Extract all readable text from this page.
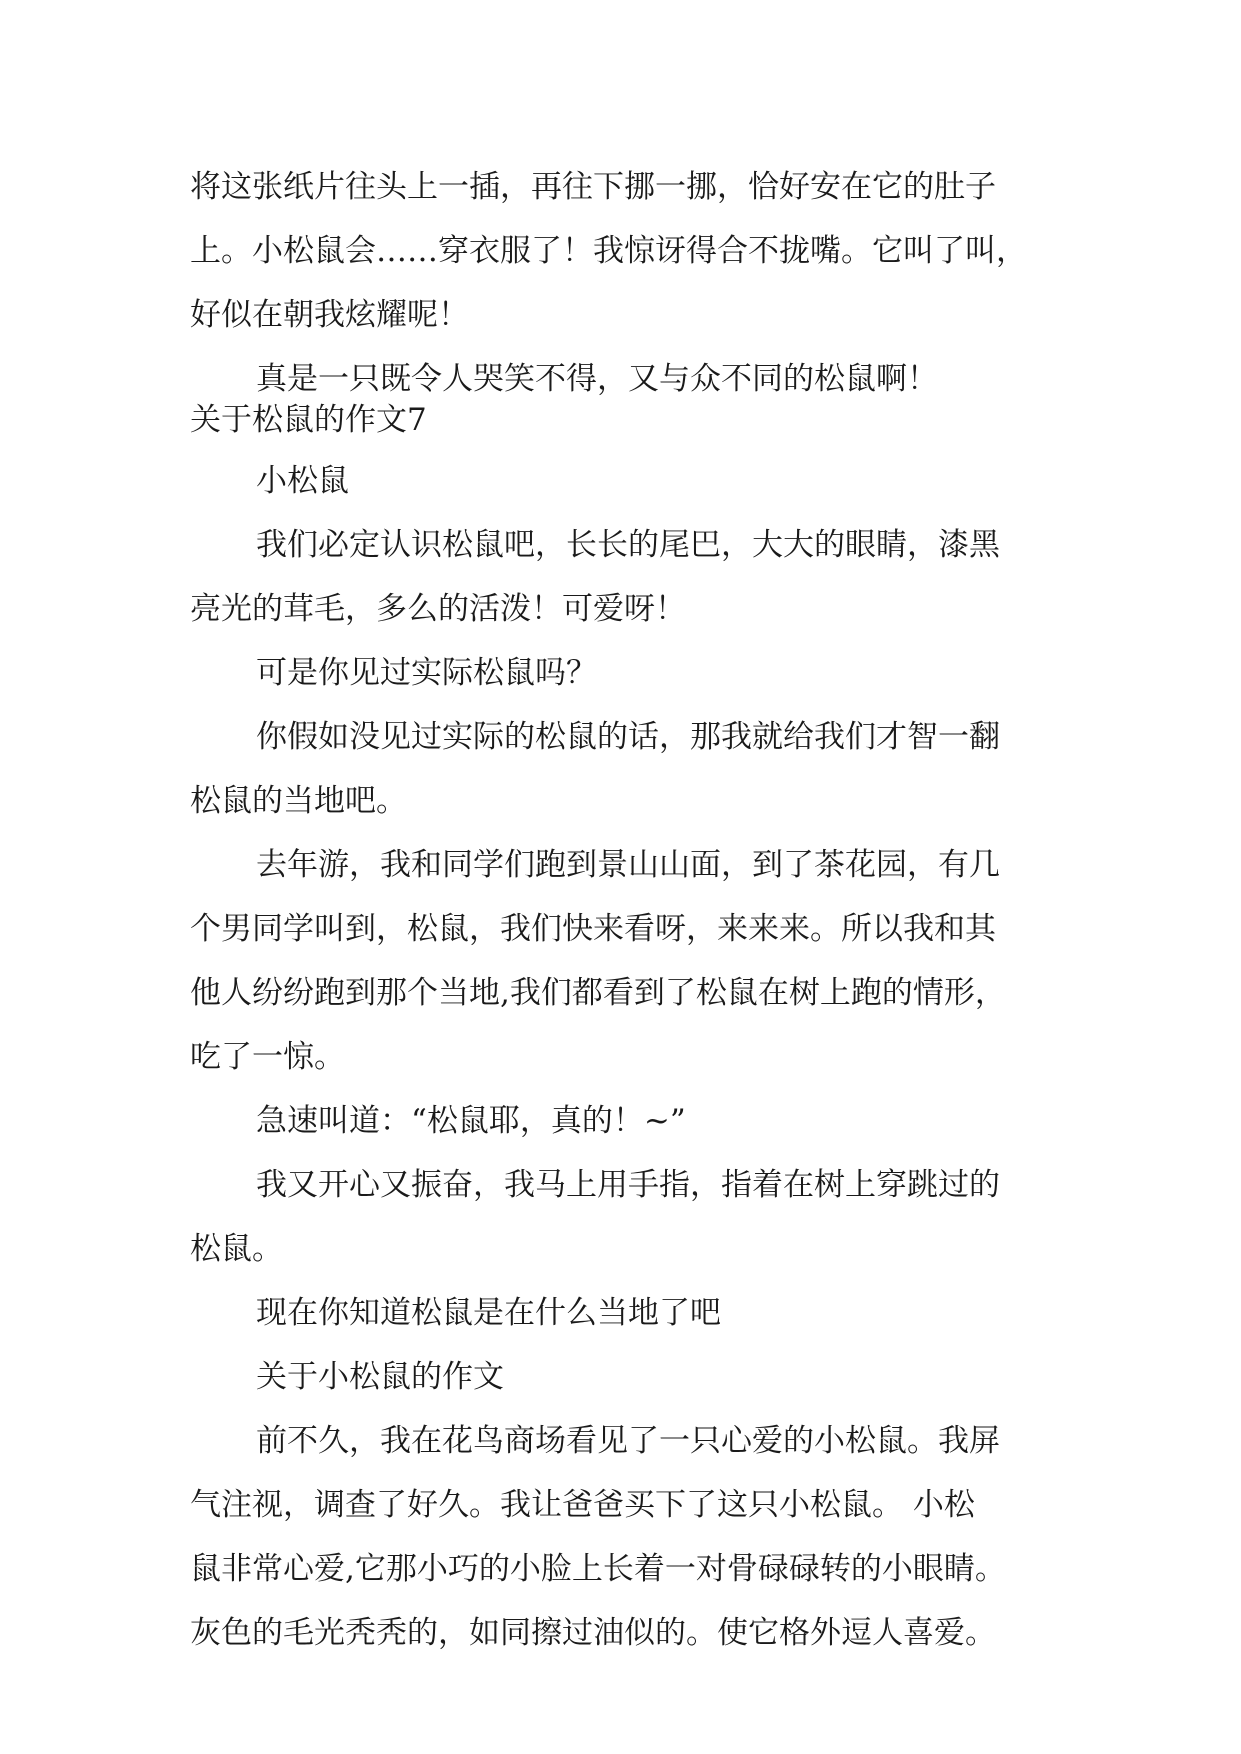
将这张纸片往头上一插，再往下挪一挪，恰好安在它的肚子
上。小松鼠会……穿衣服了！我惊讶得合不拢嘴。它叫了叫，
好似在朝我炫耀呢！
真是一只既令人哭笑不得，又与众不同的松鼠啊！
关于松鼠的作文7
小松鼠
我们必定认识松鼠吧，长长的尾巴，大大的眼睛，漆黑
亮光的茸毛，多么的活泼！可爱呀！
可是你见过实际松鼠吗？
你假如没见过实际的松鼠的话，那我就给我们才智一翻
松鼠的当地吧。
去年游，我和同学们跑到景山山面，到了茶花园，有几
个男同学叫到，松鼠，我们快来看呀，来来来。所以我和其
他人纷纷跑到那个当地,我们都看到了松鼠在树上跑的情形，
吃了一惊。
急速叫道：“松鼠耶，真的！~”
我又开心又振奋，我马上用手指，指着在树上穿跳过的
松鼠。
现在你知道松鼠是在什么当地了吧
关于小松鼠的作文
前不久，我在花鸟商场看见了一只心爱的小松鼠。我屏
气注视，调查了好久。我让爸爸买下了这只小松鼠。 小松
鼠非常心爱,它那小巧的小脸上长着一对骨碌碌转的小眼睛。
灰色的毛光秃秃的，如同擦过油似的。使它格外逗人喜爱。
